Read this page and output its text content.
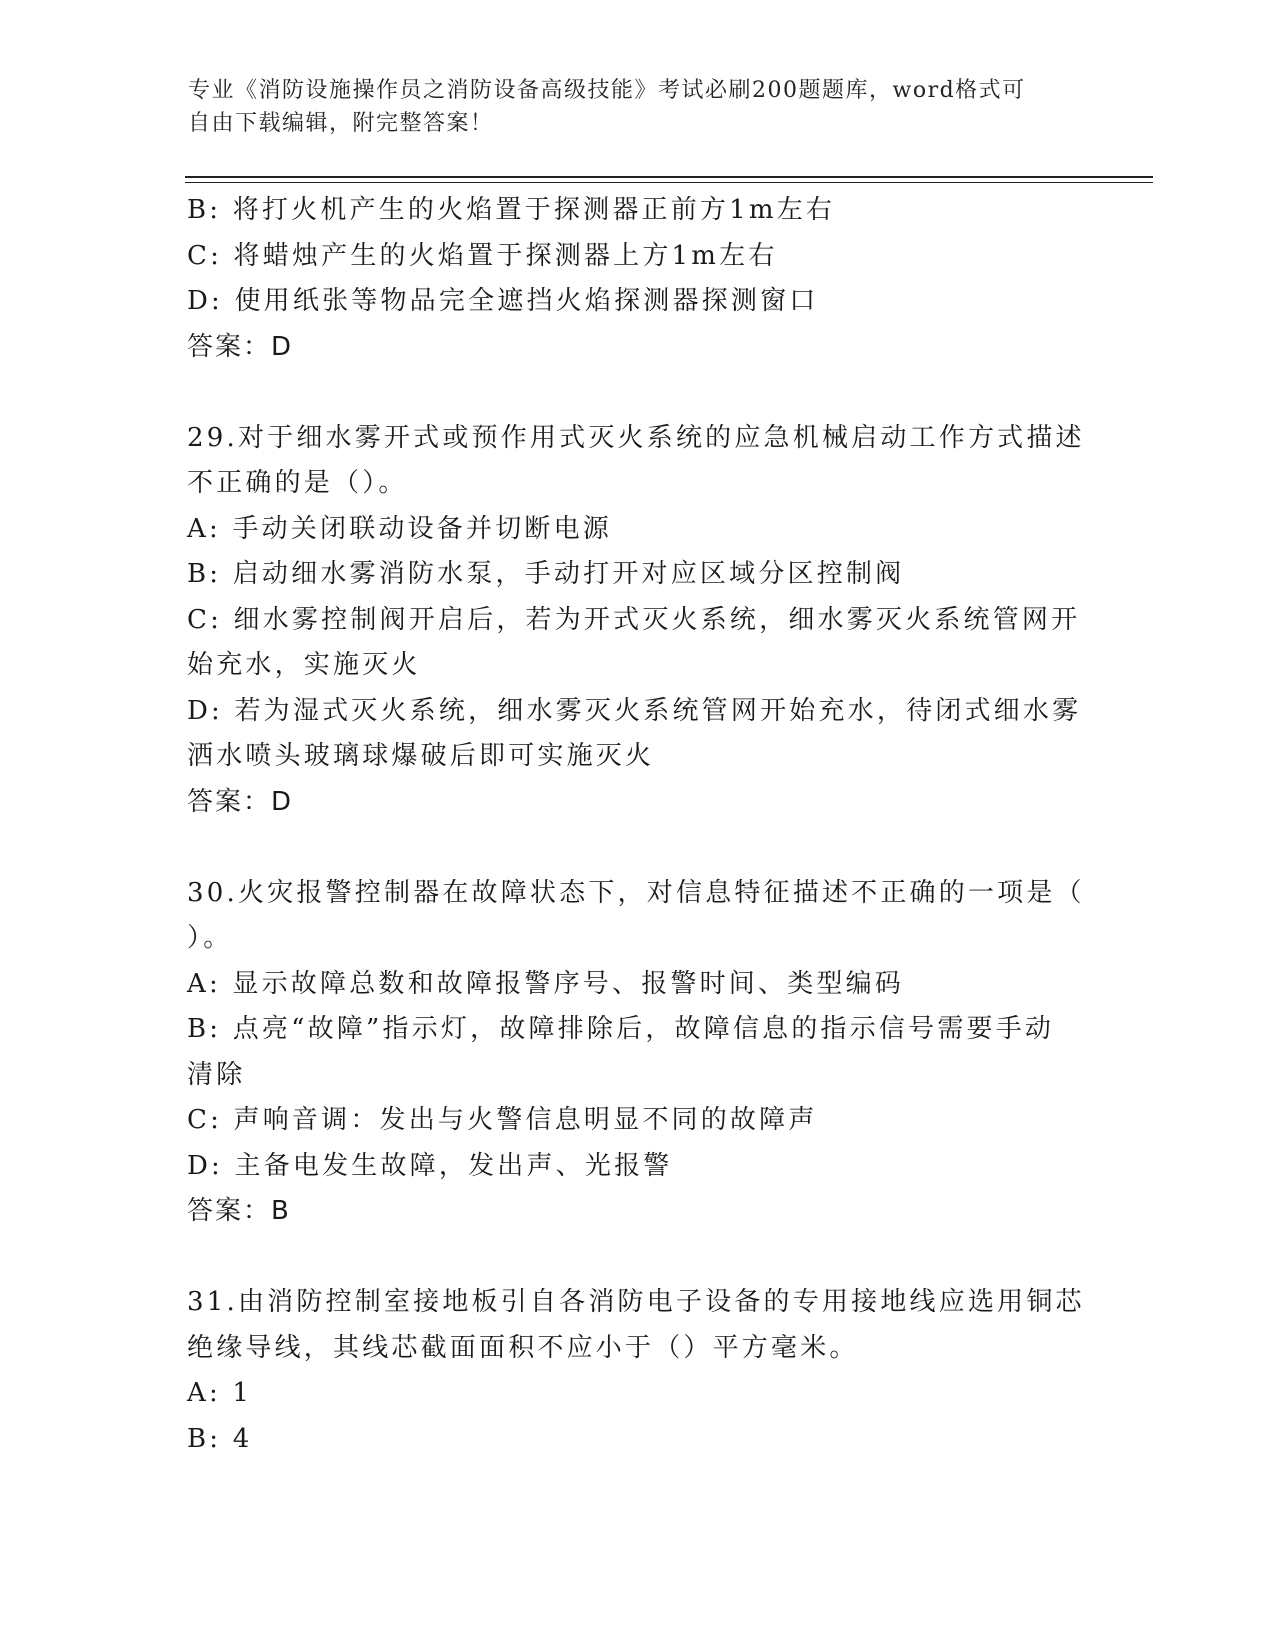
专业《消防设施操作员之消防设备高级技能》考试必刷200题题库，word格式可
自由下载编辑，附完整答案！

B: 将打火机产生的火焰置于探测器正前方1m左右

C: 将蜡烛产生的火焰置于探测器上方1m左右

D: 使用纸张等物品完全遮挡火焰探测器探测窗口

答案：D

29.对于细水雾开式或预作用式灭火系统的应急机械启动工作方式描述

不正确的是（）。

A: 手动关闭联动设备并切断电源

B: 启动细水雾消防水泵，手动打开对应区域分区控制阀

C: 细水雾控制阀开启后，若为开式灭火系统，细水雾灭火系统管网开

始充水，实施灭火

D: 若为湿式灭火系统，细水雾灭火系统管网开始充水，待闭式细水雾

洒水喷头玻璃球爆破后即可实施灭火

答案：D

30.火灾报警控制器在故障状态下，对信息特征描述不正确的一项是（

）。

A: 显示故障总数和故障报警序号、报警时间、类型编码

B: 点亮“故障”指示灯，故障排除后，故障信息的指示信号需要手动

清除

C: 声响音调：发出与火警信息明显不同的故障声

D: 主备电发生故障，发出声、光报警

答案：B

31.由消防控制室接地板引自各消防电子设备的专用接地线应选用铜芯

绝缘导线，其线芯截面面积不应小于（）平方毫米。

A: 1

B: 4
